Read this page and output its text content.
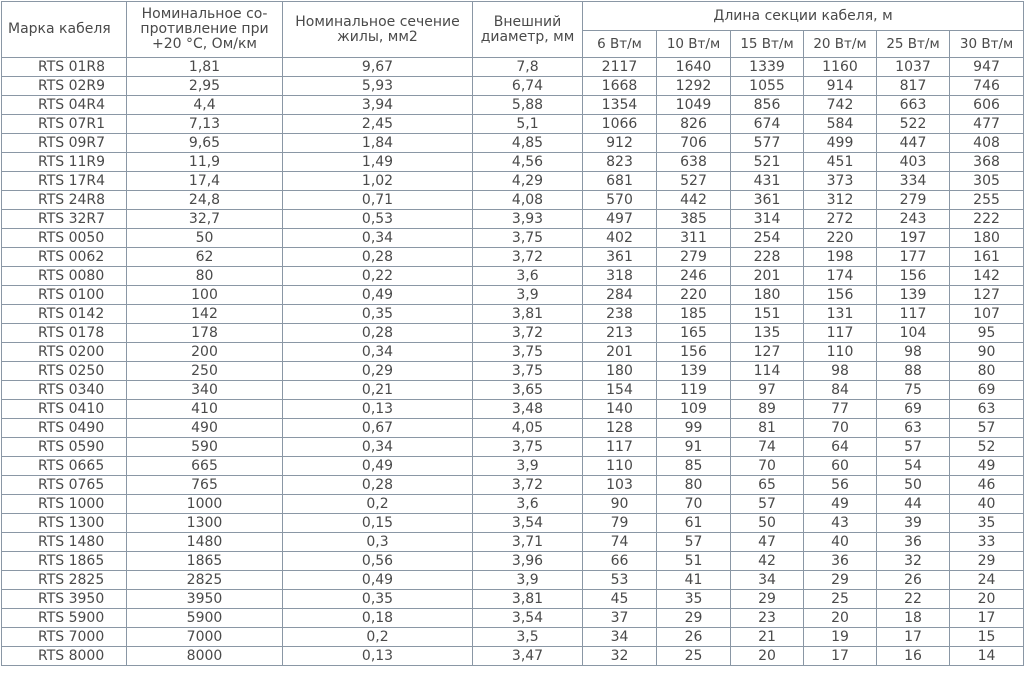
Марка кабеля	Номинальное со-противление при +20 °С, Ом/км	Номинальное сечение жилы, мм2	Внешний диаметр, мм	Длина секции кабеля, м					
				6 Вт/м	10 Вт/м	15 Вт/м	20 Вт/м	25 Вт/м	30 Вт/м
RTS 01R8	1,81	9,67	7,8	2117	1640	1339	1160	1037	947
RTS 02R9	2,95	5,93	6,74	1668	1292	1055	914	817	746
RTS 04R4	4,4	3,94	5,88	1354	1049	856	742	663	606
RTS 07R1	7,13	2,45	5,1	1066	826	674	584	522	477
RTS 09R7	9,65	1,84	4,85	912	706	577	499	447	408
RTS 11R9	11,9	1,49	4,56	823	638	521	451	403	368
RTS 17R4	17,4	1,02	4,29	681	527	431	373	334	305
RTS 24R8	24,8	0,71	4,08	570	442	361	312	279	255
RTS 32R7	32,7	0,53	3,93	497	385	314	272	243	222
RTS 0050	50	0,34	3,75	402	311	254	220	197	180
RTS 0062	62	0,28	3,72	361	279	228	198	177	161
RTS 0080	80	0,22	3,6	318	246	201	174	156	142
RTS 0100	100	0,49	3,9	284	220	180	156	139	127
RTS 0142	142	0,35	3,81	238	185	151	131	117	107
RTS 0178	178	0,28	3,72	213	165	135	117	104	95
RTS 0200	200	0,34	3,75	201	156	127	110	98	90
RTS 0250	250	0,29	3,75	180	139	114	98	88	80
RTS 0340	340	0,21	3,65	154	119	97	84	75	69
RTS 0410	410	0,13	3,48	140	109	89	77	69	63
RTS 0490	490	0,67	4,05	128	99	81	70	63	57
RTS 0590	590	0,34	3,75	117	91	74	64	57	52
RTS 0665	665	0,49	3,9	110	85	70	60	54	49
RTS 0765	765	0,28	3,72	103	80	65	56	50	46
RTS 1000	1000	0,2	3,6	90	70	57	49	44	40
RTS 1300	1300	0,15	3,54	79	61	50	43	39	35
RTS 1480	1480	0,3	3,71	74	57	47	40	36	33
RTS 1865	1865	0,56	3,96	66	51	42	36	32	29
RTS 2825	2825	0,49	3,9	53	41	34	29	26	24
RTS 3950	3950	0,35	3,81	45	35	29	25	22	20
RTS 5900	5900	0,18	3,54	37	29	23	20	18	17
RTS 7000	7000	0,2	3,5	34	26	21	19	17	15
RTS 8000	8000	0,13	3,47	32	25	20	17	16	14
